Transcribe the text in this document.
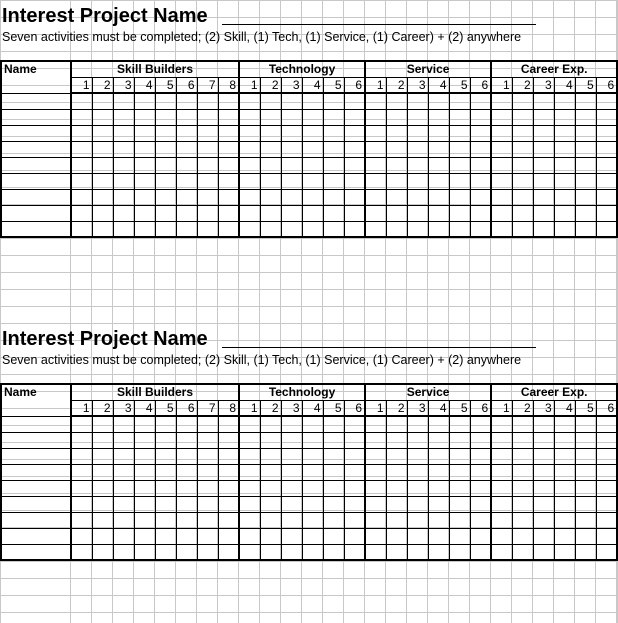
Interest Project Name
Seven activities must be completed; (2) Skill, (1) Tech, (1) Service, (1) Career) + (2) anywhere
Name	Skill Builders								Technology						Service						Career Exp.					
	1	2	3	4	5	6	7	8	1	2	3	4	5	6	1	2	3	4	5	6	1	2	3	4	5	6

Interest Project Name
Seven activities must be completed; (2) Skill, (1) Tech, (1) Service, (1) Career) + (2) anywhere
Name	Skill Builders								Technology						Service						Career Exp.					
	1	2	3	4	5	6	7	8	1	2	3	4	5	6	1	2	3	4	5	6	1	2	3	4	5	6
